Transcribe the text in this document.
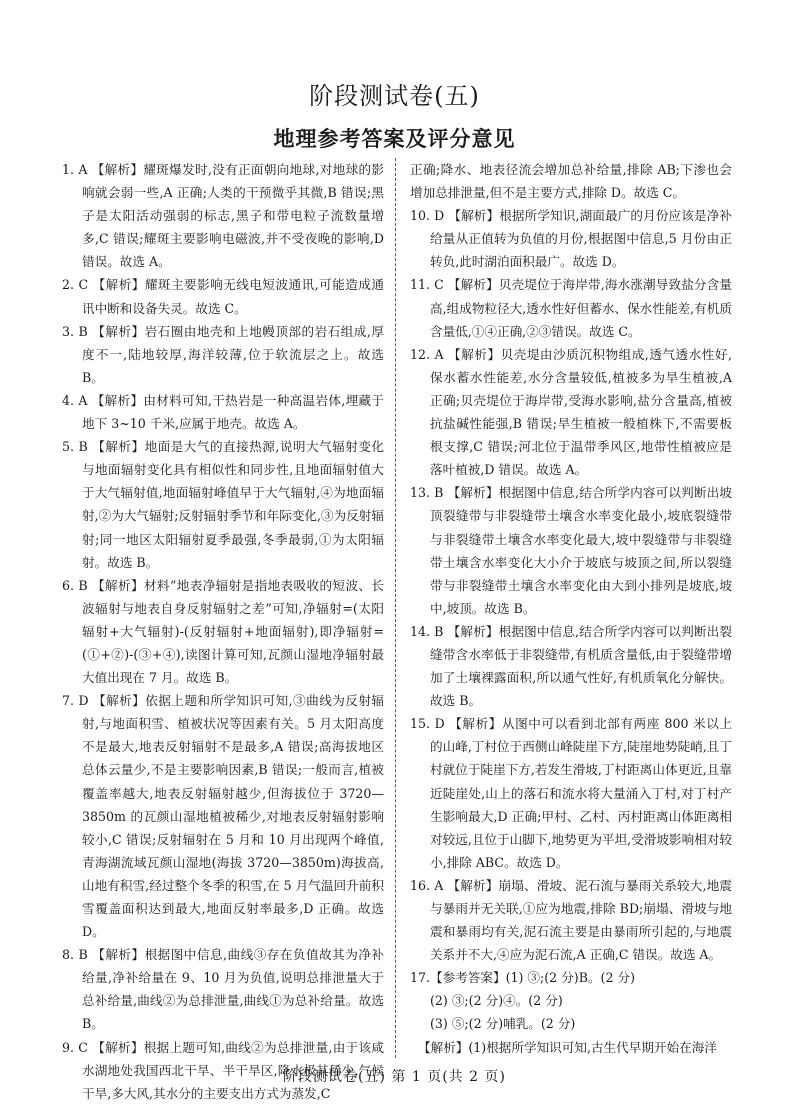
阶段测试卷(五)
地理参考答案及评分意见

1. A 【解析】耀斑爆发时,没有正面朝向地球,对地球的影响就会弱一些,A 正确;人类的干预微乎其微,B 错误;黑子是太阳活动强弱的标志,黑子和带电粒子流数量增多,C 错误;耀斑主要影响电磁波,并不受夜晚的影响,D 错误。故选 A。

2. C 【解析】耀斑主要影响无线电短波通讯,可能造成通讯中断和设备失灵。故选 C。

3. B 【解析】岩石圈由地壳和上地幔顶部的岩石组成,厚度不一,陆地较厚,海洋较薄,位于软流层之上。故选 B。

4. A 【解析】由材料可知,干热岩是一种高温岩体,埋藏于地下 3~10 千米,应属于地壳。故选 A。

5. B 【解析】地面是大气的直接热源,说明大气辐射变化与地面辐射变化具有相似性和同步性,且地面辐射值大于大气辐射值,地面辐射峰值早于大气辐射,④为地面辐射,②为大气辐射;反射辐射季节和年际变化,③为反射辐射;同一地区太阳辐射夏季最强,冬季最弱,①为太阳辐射。故选 B。

6. B 【解析】材料“地表净辐射是指地表吸收的短波、长波辐射与地表自身反射辐射之差”可知,净辐射=(太阳辐射+大气辐射)-(反射辐射+地面辐射),即净辐射=(①+②)-(③+④),读图计算可知,瓦颜山湿地净辐射最大值出现在 7 月。故选 B。

7. D 【解析】依据上题和所学知识可知,③曲线为反射辐射,与地面积雪、植被状况等因素有关。5 月太阳高度不是最大,地表反射辐射不是最多,A 错误;高海拔地区总体云量少,不是主要影响因素,B 错误;一般而言,植被覆盖率越大,地表反射辐射越少,但海拔位于 3720—3850m 的瓦颜山湿地植被稀少,对地表反射辐射影响较小,C 错误;反射辐射在 5 月和 10 月出现两个峰值,青海湖流域瓦颜山湿地(海拔 3720—3850m)海拔高,山地有积雪,经过整个冬季的积雪,在 5 月气温回升前积雪覆盖面积达到最大,地面反射率最多,D 正确。故选 D。

8. B 【解析】根据图中信息,曲线③存在负值故其为净补给量,净补给量在 9、10 月为负值,说明总排泄量大于总补给量,曲线②为总排泄量,曲线①为总补给量。故选 B。

9. C 【解析】根据上题可知,曲线②为总排泄量,由于该咸水湖地处我国西北干旱、半干旱区,降水极其稀少,气候干旱,多大风,其水分的主要支出方式为蒸发,C

正确;降水、地表径流会增加总补给量,排除 AB;下渗也会增加总排泄量,但不是主要方式,排除 D。故选 C。

10. D 【解析】根据所学知识,湖面最广的月份应该是净补给量从正值转为负值的月份,根据图中信息,5 月份由正转负,此时湖泊面积最广。故选 D。

11. C 【解析】贝壳堤位于海岸带,海水涨潮导致盐分含量高,组成物粒径大,透水性好但蓄水、保水性能差,有机质含量低,①④正确,②③错误。故选 C。

12. A 【解析】贝壳堤由沙质沉积物组成,透气透水性好,保水蓄水性能差,水分含量较低,植被多为旱生植被,A 正确;贝壳堤位于海岸带,受海水影响,盐分含量高,植被抗盐碱性能强,B 错误;旱生植被一般植株下,不需要板根支撑,C 错误;河北位于温带季风区,地带性植被应是落叶植被,D 错误。故选 A。

13. B 【解析】根据图中信息,结合所学内容可以判断出坡顶裂缝带与非裂缝带土壤含水率变化最小,坡底裂缝带与非裂缝带土壤含水率变化最大,坡中裂缝带与非裂缝带土壤含水率变化大小介于坡底与坡顶之间,所以裂缝带与非裂缝带土壤含水率变化由大到小排列是坡底,坡中,坡顶。故选 B。

14. B 【解析】根据图中信息,结合所学内容可以判断出裂缝带含水率低于非裂缝带,有机质含量低,由于裂缝带增加了土壤裸露面积,所以通气性好,有机质氧化分解快。故选 B。

15. D 【解析】从图中可以看到北部有两座 800 米以上的山峰,丁村位于西侧山峰陡崖下方,陡崖地势陡峭,且丁村就位于陡崖下方,若发生滑坡,丁村距离山体更近,且靠近陡崖处,山上的落石和流水将大量涌入丁村,对丁村产生影响最大,D 正确;甲村、乙村、丙村距离山体距离相对较远,且位于山脚下,地势更为平坦,受滑坡影响相对较小,排除 ABC。故选 D。

16. A 【解析】崩塌、滑坡、泥石流与暴雨关系较大,地震与暴雨并无关联,①应为地震,排除 BD;崩塌、滑坡与地震和暴雨均有关,泥石流主要是由暴雨所引起的,与地震关系并不大,④应为泥石流,A 正确,C 错误。故选 A。

17.【参考答案】(1) ③;(2 分)B。(2 分)

(2) ③;(2 分)④。(2 分)

(3) ⑤;(2 分)哺乳。(2 分)

【解析】(1)根据所学知识可知,古生代早期开始在海洋

阶段测试卷(五) 第 1 页(共 2 页)
